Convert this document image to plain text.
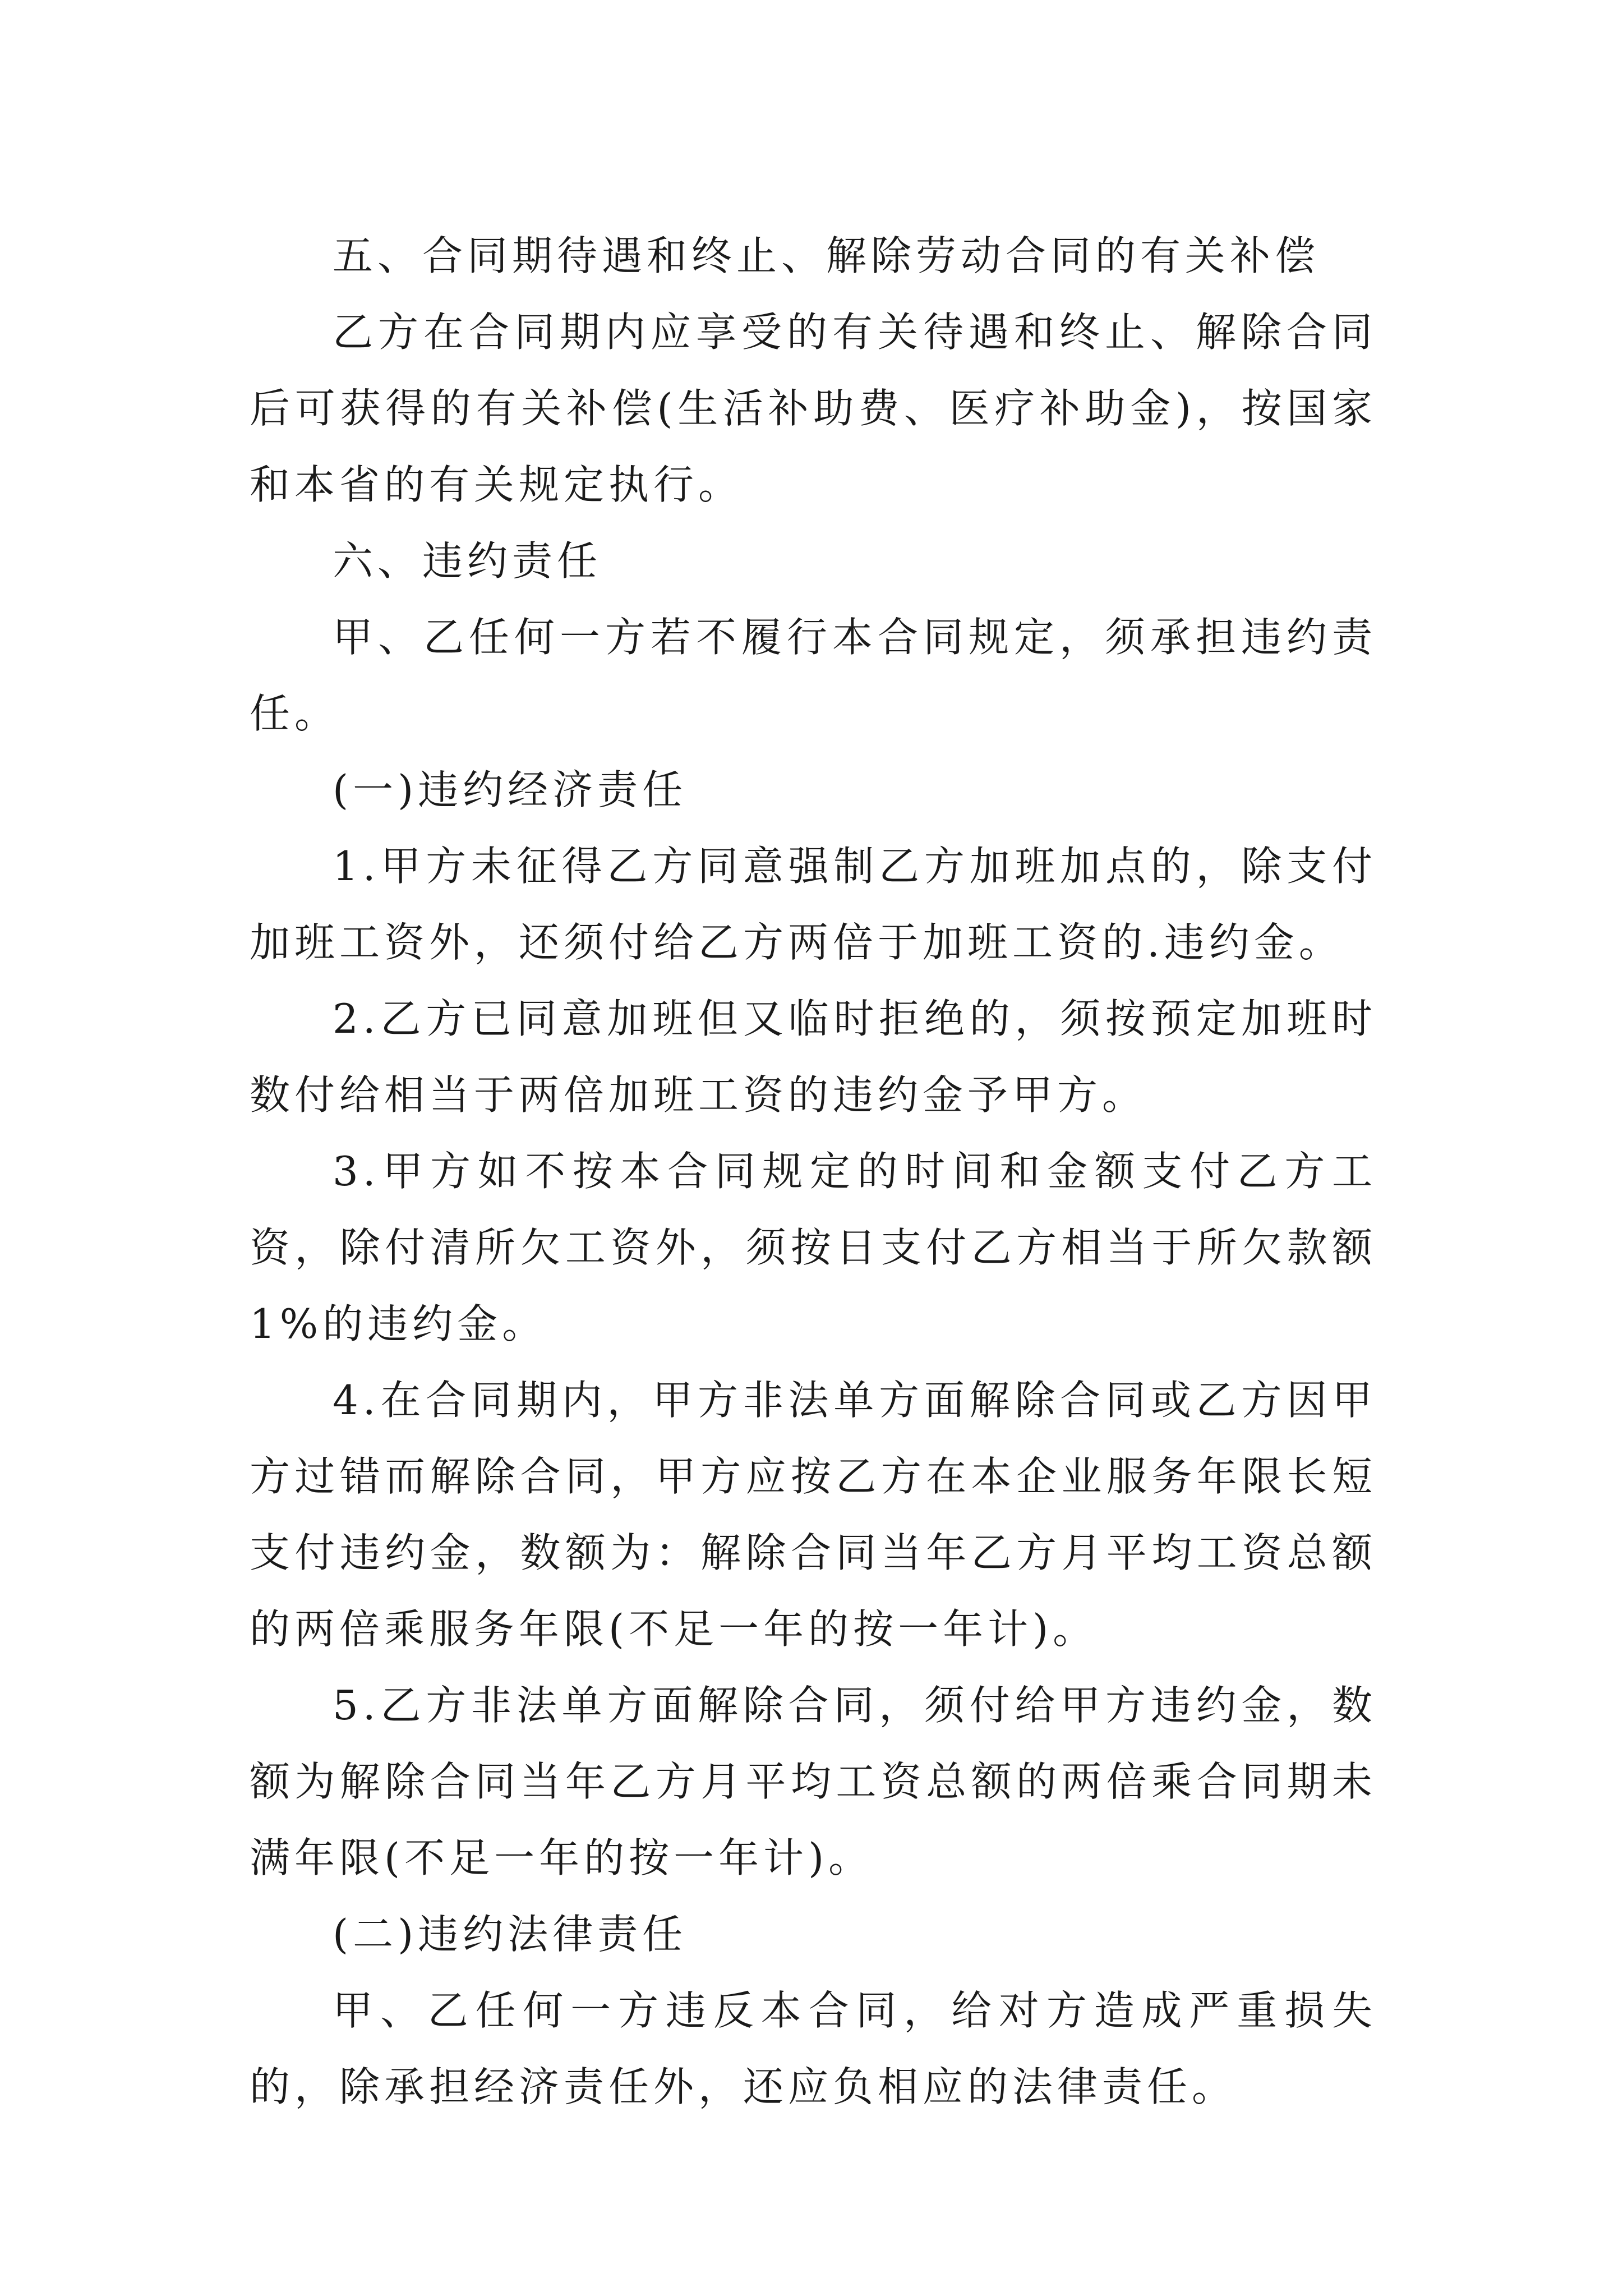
五、合同期待遇和终止、解除劳动合同的有关补偿

乙方在合同期内应享受的有关待遇和终止、解除合同后可获得的有关补偿(生活补助费、医疗补助金)，按国家和本省的有关规定执行。

六、违约责任

甲、乙任何一方若不履行本合同规定，须承担违约责任。

(一)违约经济责任

1.甲方未征得乙方同意强制乙方加班加点的，除支付加班工资外，还须付给乙方两倍于加班工资的.违约金。

2.乙方已同意加班但又临时拒绝的，须按预定加班时数付给相当于两倍加班工资的违约金予甲方。

3.甲方如不按本合同规定的时间和金额支付乙方工资，除付清所欠工资外，须按日支付乙方相当于所欠款额1%的违约金。

4.在合同期内，甲方非法单方面解除合同或乙方因甲方过错而解除合同，甲方应按乙方在本企业服务年限长短支付违约金，数额为：解除合同当年乙方月平均工资总额的两倍乘服务年限(不足一年的按一年计)。

5.乙方非法单方面解除合同，须付给甲方违约金，数额为解除合同当年乙方月平均工资总额的两倍乘合同期未满年限(不足一年的按一年计)。

(二)违约法律责任

甲、乙任何一方违反本合同，给对方造成严重损失的，除承担经济责任外，还应负相应的法律责任。
